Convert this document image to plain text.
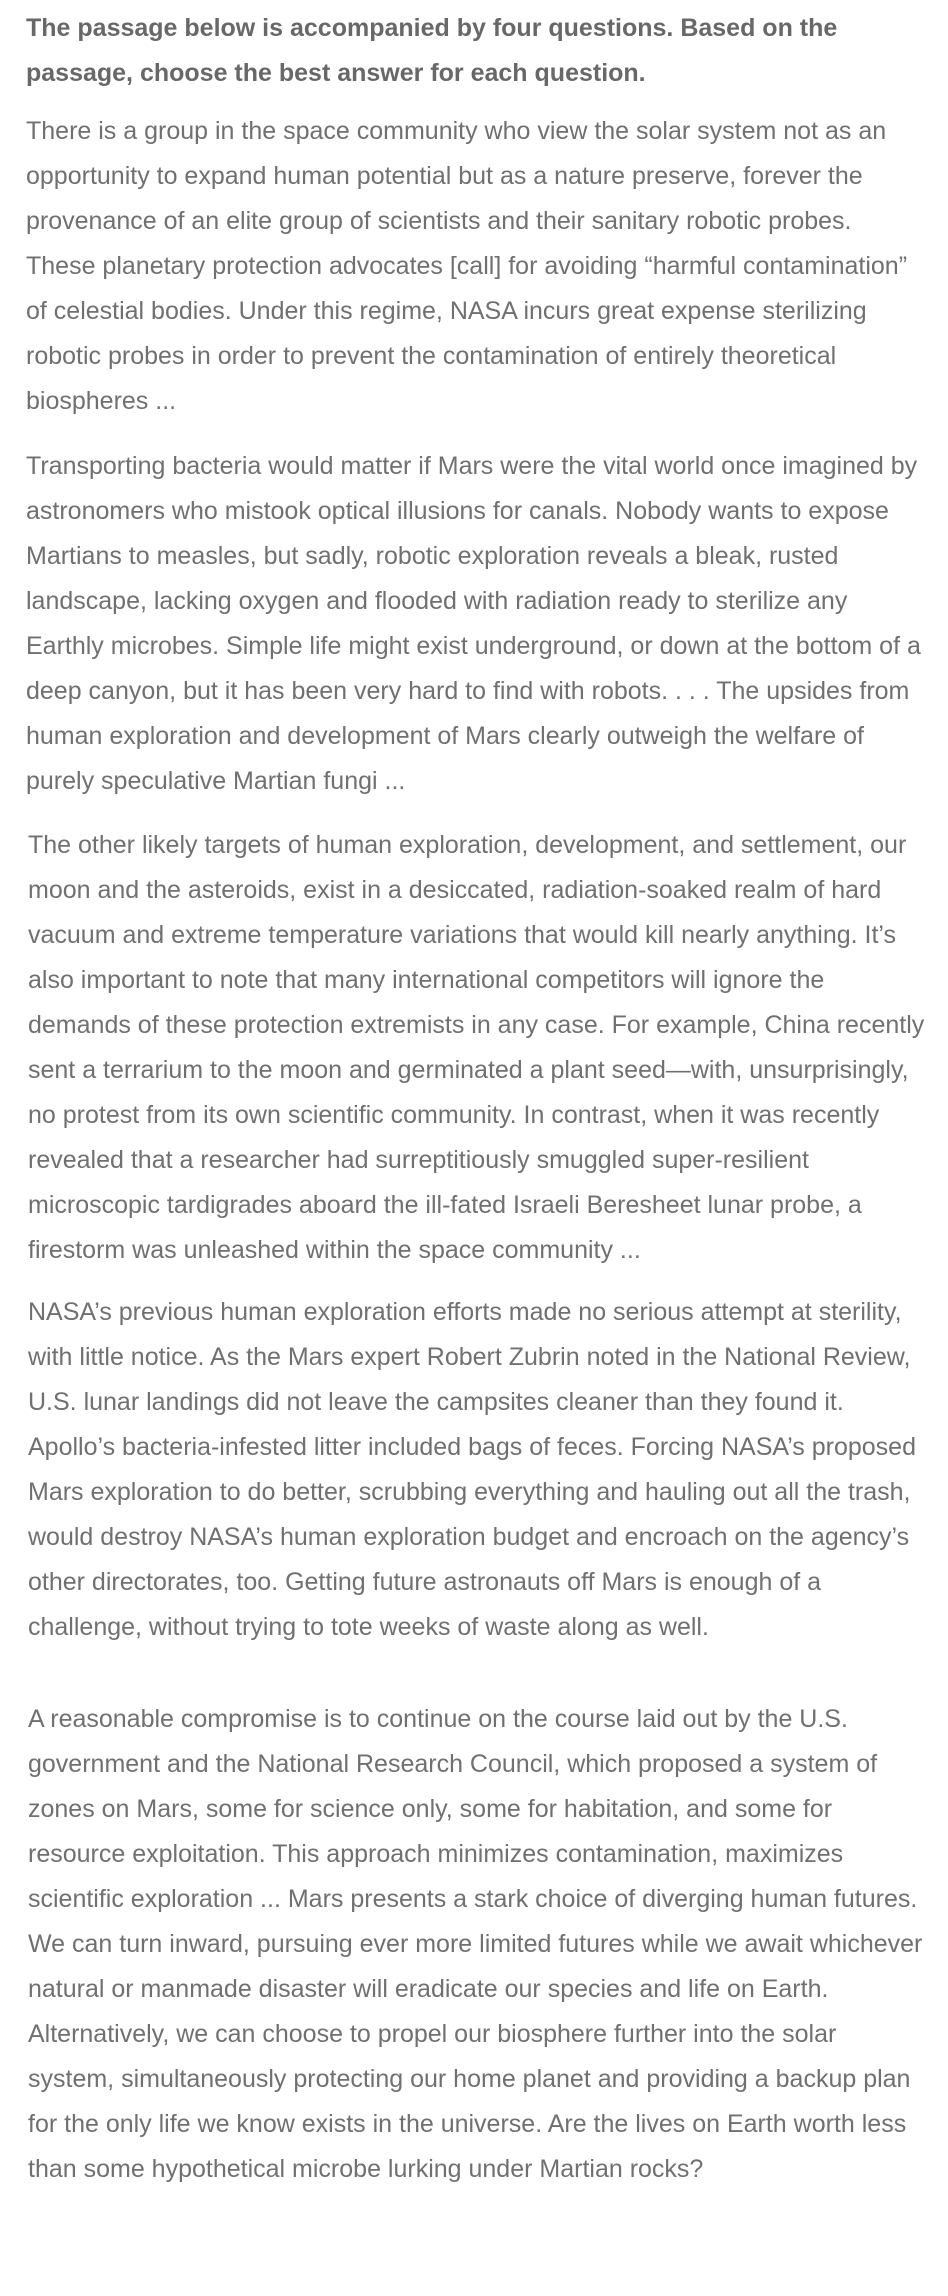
The passage below is accompanied by four questions. Based on the passage, choose the best answer for each question.

There is a group in the space community who view the solar system not as an opportunity to expand human potential but as a nature preserve, forever the provenance of an elite group of scientists and their sanitary robotic probes. These planetary protection advocates [call] for avoiding “harmful contamination” of celestial bodies. Under this regime, NASA incurs great expense sterilizing robotic probes in order to prevent the contamination of entirely theoretical biospheres ...

Transporting bacteria would matter if Mars were the vital world once imagined by astronomers who mistook optical illusions for canals. Nobody wants to expose Martians to measles, but sadly, robotic exploration reveals a bleak, rusted landscape, lacking oxygen and flooded with radiation ready to sterilize any Earthly microbes. Simple life might exist underground, or down at the bottom of a deep canyon, but it has been very hard to find with robots. . . . The upsides from human exploration and development of Mars clearly outweigh the welfare of purely speculative Martian fungi ...

The other likely targets of human exploration, development, and settlement, our moon and the asteroids, exist in a desiccated, radiation-soaked realm of hard vacuum and extreme temperature variations that would kill nearly anything. It’s also important to note that many international competitors will ignore the demands of these protection extremists in any case. For example, China recently sent a terrarium to the moon and germinated a plant seed—with, unsurprisingly, no protest from its own scientific community. In contrast, when it was recently revealed that a researcher had surreptitiously smuggled super-resilient microscopic tardigrades aboard the ill-fated Israeli Beresheet lunar probe, a firestorm was unleashed within the space community ...

NASA’s previous human exploration efforts made no serious attempt at sterility, with little notice. As the Mars expert Robert Zubrin noted in the National Review, U.S. lunar landings did not leave the campsites cleaner than they found it. Apollo’s bacteria-infested litter included bags of feces. Forcing NASA’s proposed Mars exploration to do better, scrubbing everything and hauling out all the trash, would destroy NASA’s human exploration budget and encroach on the agency’s other directorates, too. Getting future astronauts off Mars is enough of a challenge, without trying to tote weeks of waste along as well.

A reasonable compromise is to continue on the course laid out by the U.S. government and the National Research Council, which proposed a system of zones on Mars, some for science only, some for habitation, and some for resource exploitation. This approach minimizes contamination, maximizes scientific exploration ... Mars presents a stark choice of diverging human futures. We can turn inward, pursuing ever more limited futures while we await whichever natural or manmade disaster will eradicate our species and life on Earth. Alternatively, we can choose to propel our biosphere further into the solar system, simultaneously protecting our home planet and providing a backup plan for the only life we know exists in the universe. Are the lives on Earth worth less than some hypothetical microbe lurking under Martian rocks?
